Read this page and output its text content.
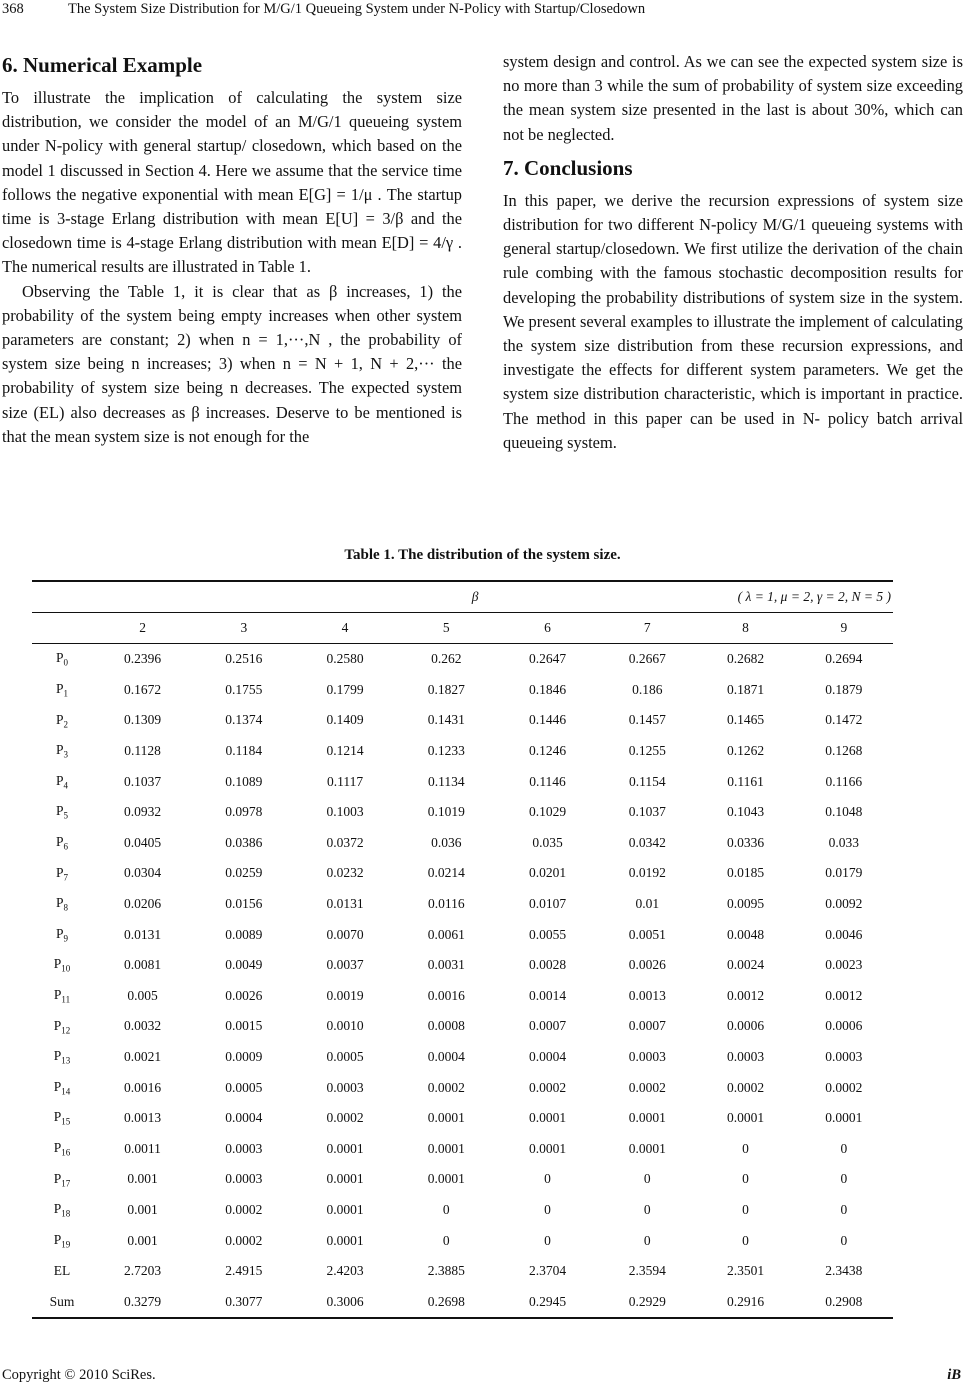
368	The System Size Distribution for M/G/1 Queueing System under N-Policy with Startup/Closedown
6. Numerical Example

To illustrate the implication of calculating the system size distribution, we consider the model of an M/G/1 queueing system under N-policy with general startup/ closedown, which based on the model 1 discussed in Section 4. Here we assume that the service time follows the negative exponential with mean E[G] = 1/μ . The startup time is 3-stage Erlang distribution with mean E[U] = 3/β and the closedown time is 4-stage Erlang distribution with mean E[D] = 4/γ . The numerical results are illustrated in Table 1.

Observing the Table 1, it is clear that as β increases, 1) the probability of the system being empty increases when other system parameters are constant; 2) when n = 1,···,N , the probability of system size being n increases; 3) when n = N + 1, N + 2,··· the probability of system size being n decreases. The expected system size (EL) also decreases as β increases. Deserve to be mentioned is that the mean system size is not enough for the

system design and control. As we can see the expected system size is no more than 3 while the sum of probability of system size exceeding the mean system size presented in the last is about 30%, which can not be neglected.

7. Conclusions

In this paper, we derive the recursion expressions of system size distribution for two different N-policy M/G/1 queueing systems with general startup/closedown. We first utilize the derivation of the chain rule combing with the famous stochastic decomposition results for developing the probability distributions of system size in the system. We present several examples to illustrate the implement of calculating the system size distribution from these recursion expressions, and investigate the effects for different system parameters. We get the system size distribution characteristic, which is important in practice. The method in this paper can be used in N- policy batch arrival queueing system.

Table 1. The distribution of the system size.
	β					( λ = 1, μ = 2, γ = 2, N = 5 )		
	2	3	4	5	6	7	8	9
$P_0$	0.2396	0.2516	0.2580	0.262	0.2647	0.2667	0.2682	0.2694
$P_1$	0.1672	0.1755	0.1799	0.1827	0.1846	0.186	0.1871	0.1879
$P_2$	0.1309	0.1374	0.1409	0.1431	0.1446	0.1457	0.1465	0.1472
$P_3$	0.1128	0.1184	0.1214	0.1233	0.1246	0.1255	0.1262	0.1268
$P_4$	0.1037	0.1089	0.1117	0.1134	0.1146	0.1154	0.1161	0.1166
$P_5$	0.0932	0.0978	0.1003	0.1019	0.1029	0.1037	0.1043	0.1048
$P_6$	0.0405	0.0386	0.0372	0.036	0.035	0.0342	0.0336	0.033
$P_7$	0.0304	0.0259	0.0232	0.0214	0.0201	0.0192	0.0185	0.0179
$P_8$	0.0206	0.0156	0.0131	0.0116	0.0107	0.01	0.0095	0.0092
$P_9$	0.0131	0.0089	0.0070	0.0061	0.0055	0.0051	0.0048	0.0046
$P_{10}$	0.0081	0.0049	0.0037	0.0031	0.0028	0.0026	0.0024	0.0023
$P_{11}$	0.005	0.0026	0.0019	0.0016	0.0014	0.0013	0.0012	0.0012
$P_{12}$	0.0032	0.0015	0.0010	0.0008	0.0007	0.0007	0.0006	0.0006
$P_{13}$	0.0021	0.0009	0.0005	0.0004	0.0004	0.0003	0.0003	0.0003
$P_{14}$	0.0016	0.0005	0.0003	0.0002	0.0002	0.0002	0.0002	0.0002
$P_{15}$	0.0013	0.0004	0.0002	0.0001	0.0001	0.0001	0.0001	0.0001
$P_{16}$	0.0011	0.0003	0.0001	0.0001	0.0001	0.0001	0	0
$P_{17}$	0.001	0.0003	0.0001	0.0001	0	0	0	0
$P_{18}$	0.001	0.0002	0.0001	0	0	0	0	0
$P_{19}$	0.001	0.0002	0.0001	0	0	0	0	0
EL	2.7203	2.4915	2.4203	2.3885	2.3704	2.3594	2.3501	2.3438
Sum	0.3279	0.3077	0.3006	0.2698	0.2945	0.2929	0.2916	0.2908
Copyright © 2010 SciRes.	iB
